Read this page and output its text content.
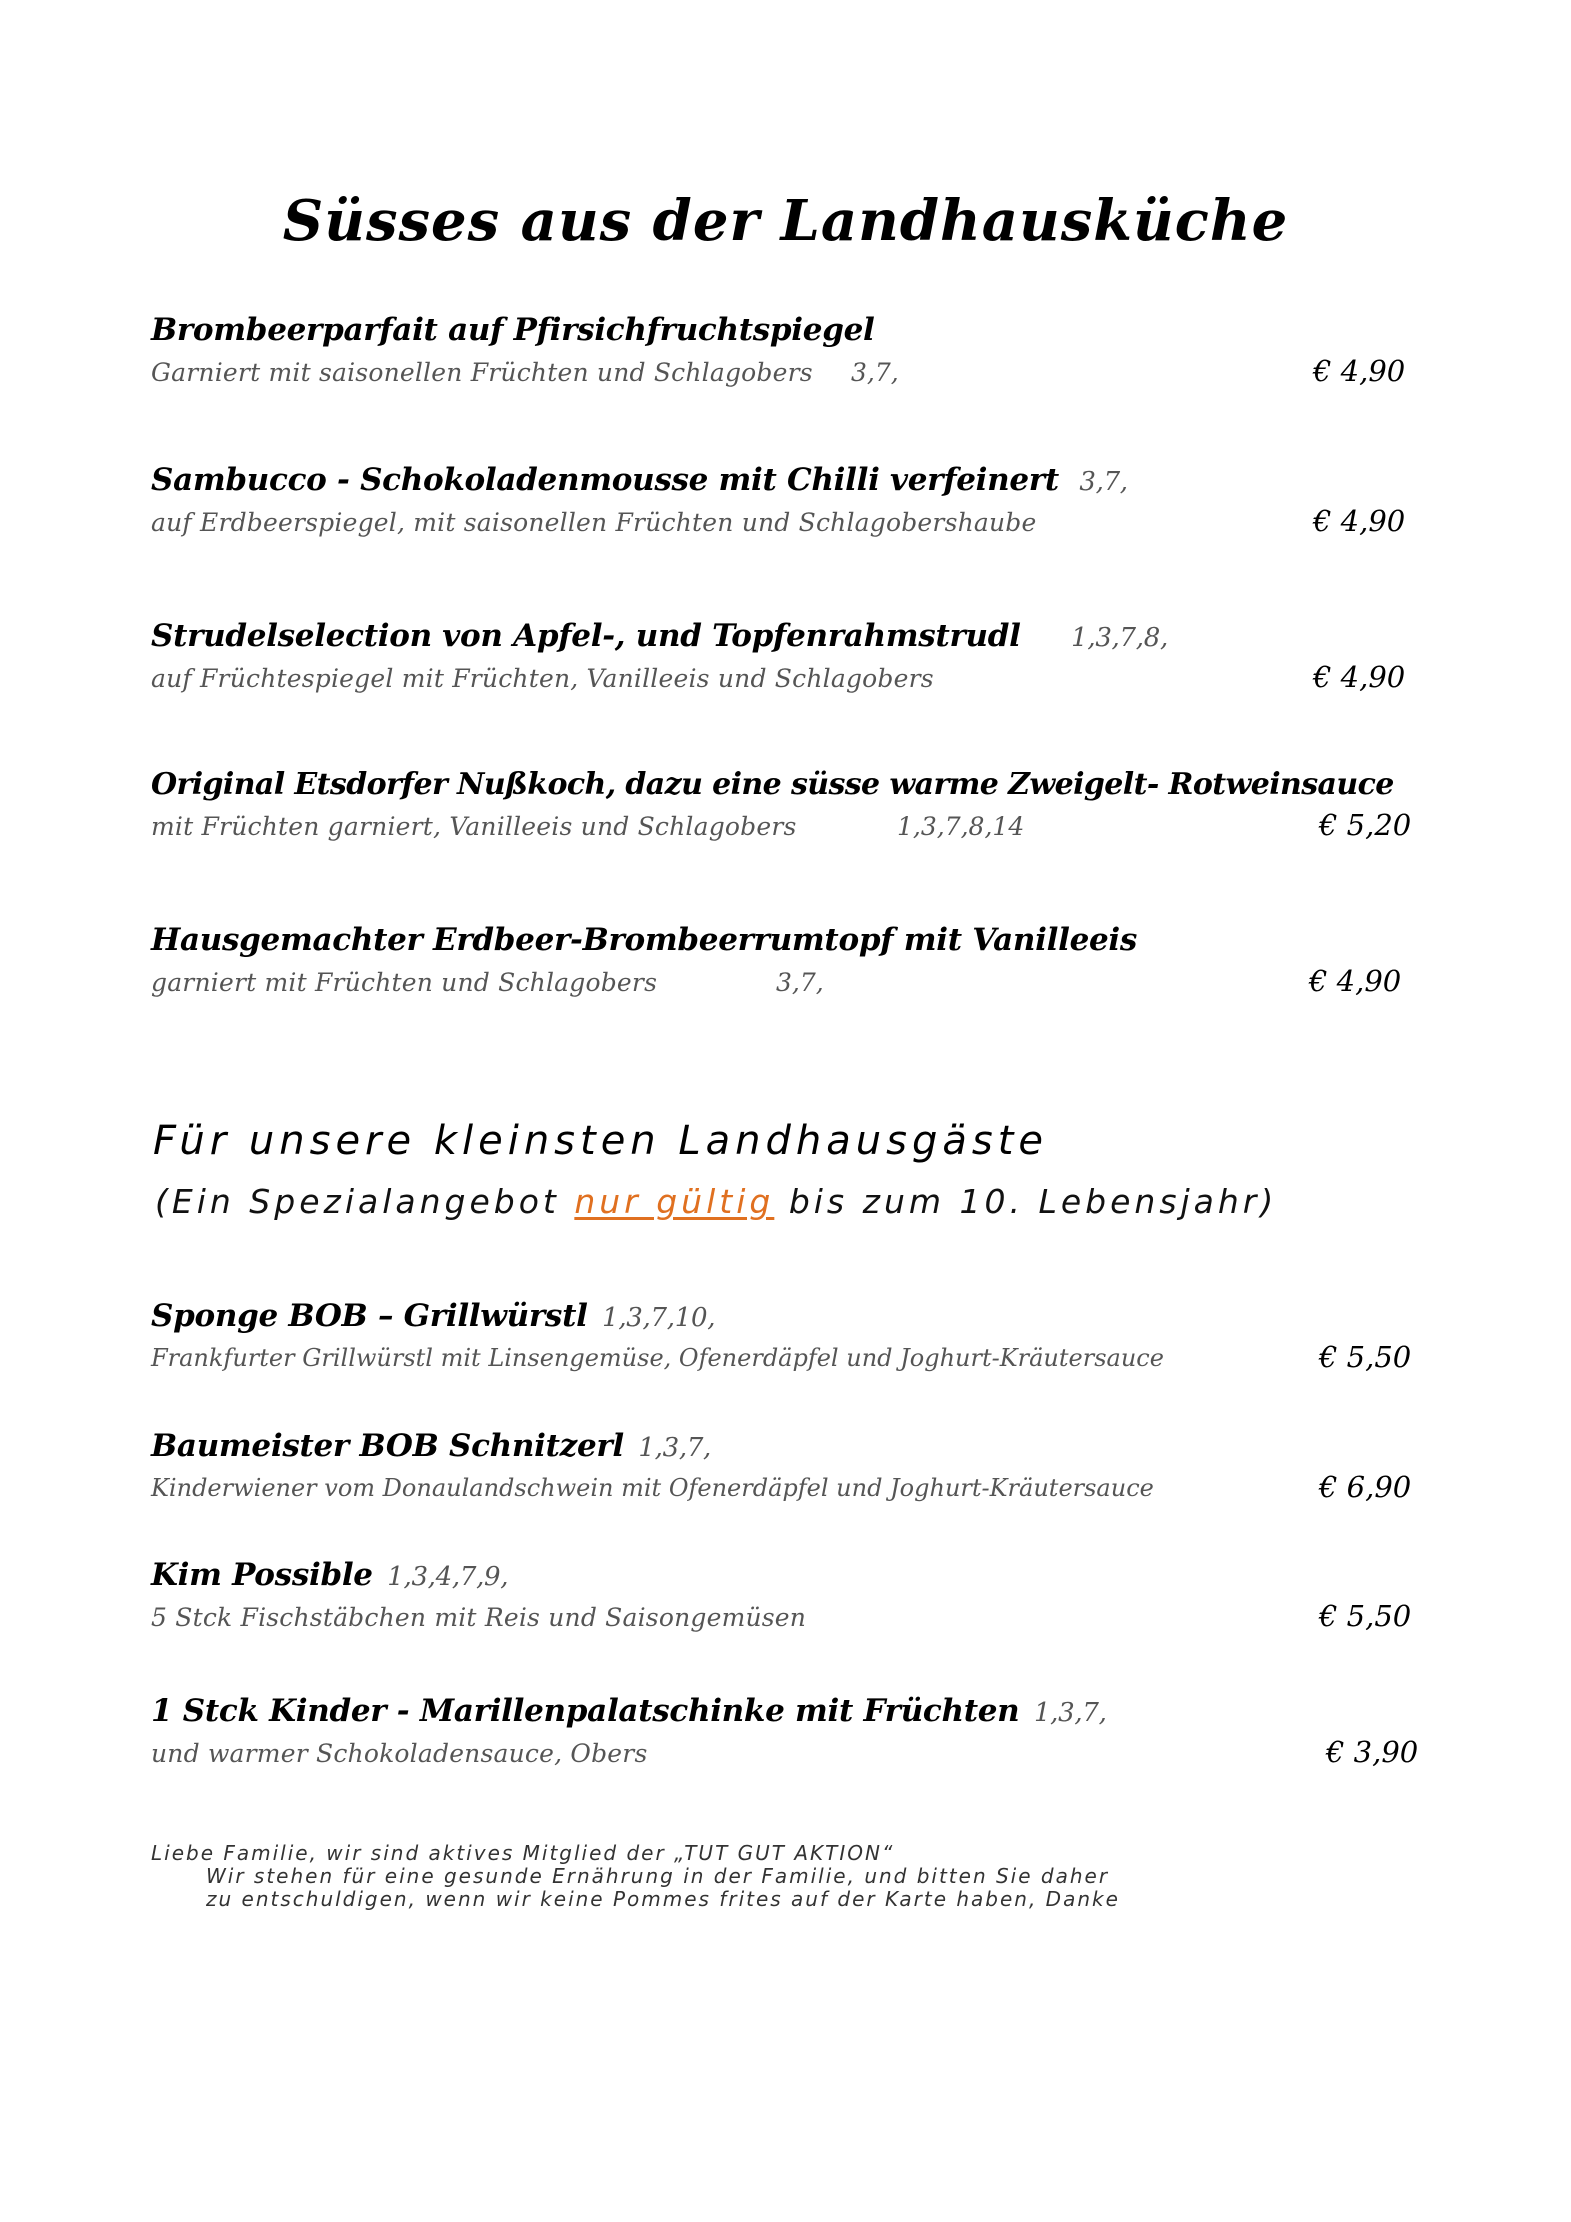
Süsses aus der Landhausküche
Brombeerparfait auf Pfirsichfruchtspiegel
Garniert mit saisonellen Früchten und Schlagobers 3,7,	€ 4,90
Sambucco - Schokoladenmousse mit Chilli verfeinert 3,7,
auf Erdbeerspiegel, mit saisonellen Früchten und Schlagobershaube	€ 4,90
Strudelselection von Apfel-, und Topfenrahmstrudl 1,3,7,8,
auf Früchtespiegel mit Früchten, Vanilleeis und Schlagobers	€ 4,90
Original Etsdorfer Nußkoch, dazu eine süsse warme Zweigelt- Rotweinsauce
mit Früchten garniert, Vanilleeis und Schlagobers	1,3,7,8,14	€ 5,20
Hausgemachter Erdbeer-Brombeerrumtopf mit Vanilleeis
garniert mit Früchten und Schlagobers	3,7,	€ 4,90
Für unsere kleinsten Landhausgäste
(Ein Spezialangebot nur gültig bis zum 10. Lebensjahr)
Sponge BOB – Grillwürstl 1,3,7,10,
Frankfurter Grillwürstl mit Linsengemüse, Ofenerdäpfel und Joghurt-Kräutersauce	€ 5,50
Baumeister BOB Schnitzerl 1,3,7,
Kinderwiener vom Donaulandschwein mit Ofenerdäpfel und Joghurt-Kräutersauce	€ 6,90
Kim Possible 1,3,4,7,9,
5 Stck Fischstäbchen mit Reis und Saisongemüsen	€ 5,50
1 Stck Kinder - Marillenpalatschinke mit Früchten 1,3,7,
und warmer Schokoladensauce, Obers	€ 3,90
Liebe Familie, wir sind aktives Mitglied der „TUT GUT AKTION“
Wir stehen für eine gesunde Ernährung in der Familie, und bitten Sie daher
zu entschuldigen, wenn wir keine Pommes frites auf der Karte haben, Danke
